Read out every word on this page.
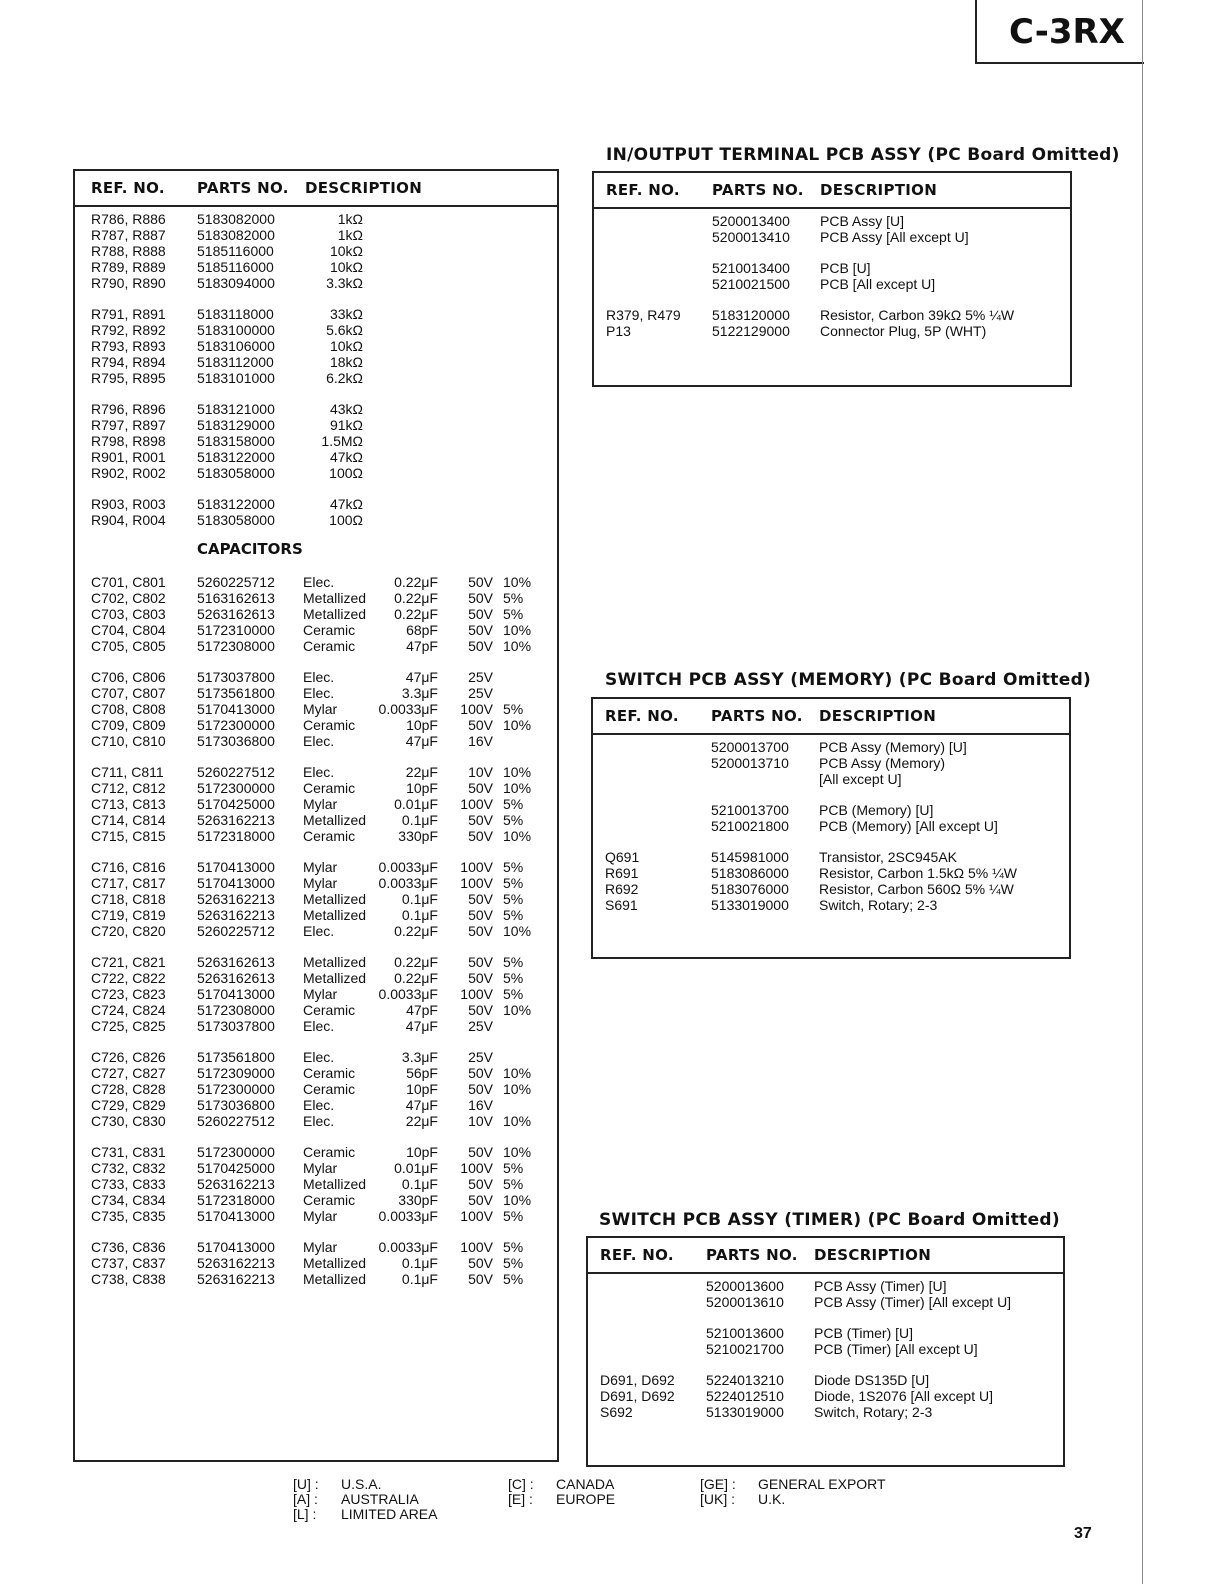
C-3RX
REF. NO. PARTS NO. DESCRIPTION
R786, R886 5183082000	1kΩ
R787, R887 5183082000	1kΩ
R788, R888 5185116000	10kΩ
R789, R889 5185116000	10kΩ
R790, R890 5183094000	3.3kΩ
R791, R891 5183118000	33kΩ
R792, R892 5183100000	5.6kΩ
R793, R893 5183106000	10kΩ
R794, R894 5183112000	18kΩ
R795, R895 5183101000	6.2kΩ
R796, R896 5183121000	43kΩ
R797, R897 5183129000	91kΩ
R798, R898 5183158000	1.5MΩ
R901, R001 5183122000	47kΩ
R902, R002 5183058000	100Ω
R903, R003 5183122000	47kΩ
R904, R004 5183058000	100Ω
CAPACITORS
C701, C801 5260225712 Elec.	0.22μF 50V 10%
C702, C802 5163162613 Metallized 0.22μF 50V 5%
C703, C803 5263162613 Metallized 0.22μF 50V 5%
C704, C804 5172310000 Ceramic	68pF 50V 10%
C705, C805 5172308000 Ceramic	47pF 50V 10%
C706, C806 5173037800 Elec.	47μF 25V
C707, C807 5173561800 Elec.	3.3μF 25V
C708, C808 5170413000 Mylar	0.0033μF 100V 5%
C709, C809 5172300000 Ceramic	10pF 50V 10%
C710, C810 5173036800 Elec.	47μF 16V
C711, C811 5260227512 Elec.	22μF 10V 10%
C712, C812 5172300000 Ceramic	10pF 50V 10%
C713, C813 5170425000 Mylar	0.01μF 100V 5%
C714, C814 5263162213 Metallized	0.1μF 50V 5%
C715, C815 5172318000 Ceramic	330pF 50V 10%
C716, C816 5170413000 Mylar	0.0033μF 100V 5%
C717, C817 5170413000 Mylar	0.0033μF 100V 5%
C718, C818 5263162213 Metallized	0.1μF 50V 5%
C719, C819 5263162213 Metallized	0.1μF 50V 5%
C720, C820 5260225712 Elec.	0.22μF 50V 10%
C721, C821 5263162613 Metallized 0.22μF 50V 5%
C722, C822 5263162613 Metallized 0.22μF 50V 5%
C723, C823 5170413000 Mylar	0.0033μF 100V 5%
C724, C824 5172308000 Ceramic	47pF 50V 10%
C725, C825 5173037800 Elec.	47μF 25V
C726, C826 5173561800 Elec.	3.3μF 25V
C727, C827 5172309000 Ceramic	56pF 50V 10%
C728, C828 5172300000 Ceramic	10pF 50V 10%
C729, C829 5173036800 Elec.	47μF 16V
C730, C830 5260227512 Elec.	22μF 10V 10%
C731, C831 5172300000 Ceramic	10pF 50V 10%
C732, C832 5170425000 Mylar	0.01μF 100V 5%
C733, C833 5263162213 Metallized	0.1μF 50V 5%
C734, C834 5172318000 Ceramic	330pF 50V 10%
C735, C835 5170413000 Mylar	0.0033μF 100V 5%
C736, C836 5170413000 Mylar	0.0033μF 100V 5%
C737, C837 5263162213 Metallized	0.1μF 50V 5%
C738, C838 5263162213 Metallized	0.1μF 50V 5%
IN/OUTPUT TERMINAL PCB ASSY (PC Board Omitted)
REF. NO. PARTS NO. DESCRIPTION
5200013400 PCB Assy [U]
5200013410 PCB Assy [All except U]
5210013400 PCB [U]
5210021500 PCB [All except U]
R379, R479 5183120000 Resistor, Carbon 39kΩ 5% ¼W
P13	5122129000 Connector Plug, 5P (WHT)
SWITCH PCB ASSY (MEMORY) (PC Board Omitted)
REF. NO. PARTS NO. DESCRIPTION
5200013700 PCB Assy (Memory) [U]
5200013710 PCB Assy (Memory)
[All except U]
5210013700 PCB (Memory) [U]
5210021800 PCB (Memory) [All except U]
Q691	5145981000 Transistor, 2SC945AK
R691	5183086000 Resistor, Carbon 1.5kΩ 5% ¼W
R692	5183076000 Resistor, Carbon 560Ω 5% ¼W
S691	5133019000 Switch, Rotary; 2-3
SWITCH PCB ASSY (TIMER) (PC Board Omitted)
REF. NO. PARTS NO. DESCRIPTION
5200013600 PCB Assy (Timer) [U]
5200013610 PCB Assy (Timer) [All except U]
5210013600 PCB (Timer) [U]
5210021700 PCB (Timer) [All except U]
D691, D692 5224013210 Diode DS135D [U]
D691, D692 5224012510 Diode, 1S2076 [All except U]
S692	5133019000 Switch, Rotary; 2-3
[U] : U.S.A.
[A] : AUSTRALIA
[L] : LIMITED AREA
[C] : CANADA
[E] : EUROPE
[GE] : GENERAL EXPORT
[UK] : U.K.
37
